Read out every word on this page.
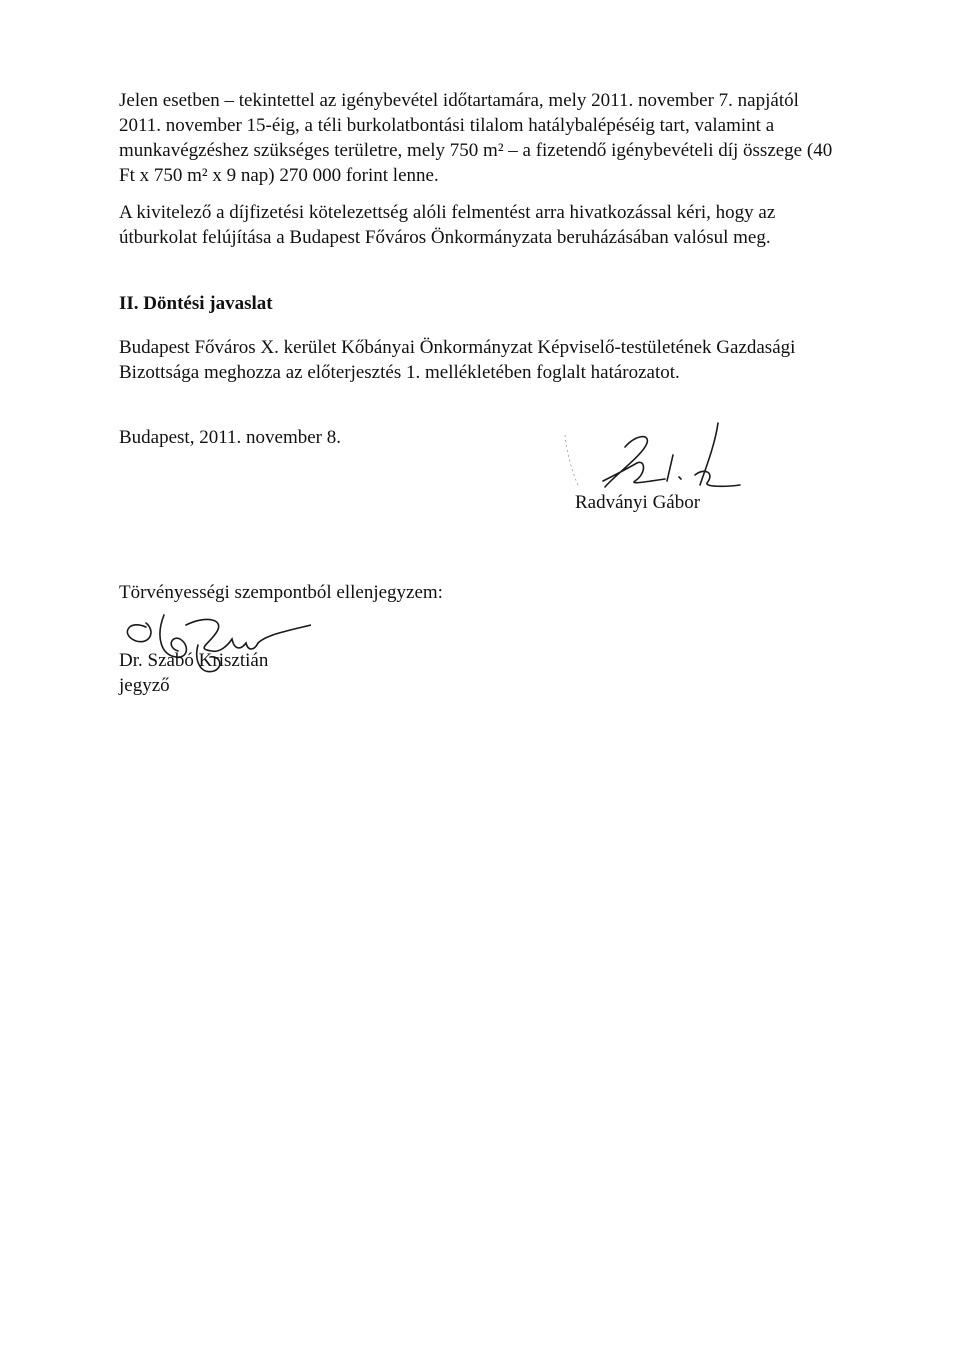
Jelen esetben – tekintettel az igénybevétel időtartamára, mely 2011. november 7. napjától
2011. november 15-éig, a téli burkolatbontási tilalom hatálybalépéséig tart, valamint a
munkavégzéshez szükséges területre, mely 750 m² – a fizetendő igénybevételi díj összege (40
Ft x 750 m² x 9 nap) 270 000 forint lenne.
A kivitelező a díjfizetési kötelezettség alóli felmentést arra hivatkozással kéri, hogy az
útburkolat felújítása a Budapest Főváros Önkormányzata beruházásában valósul meg.
II. Döntési javaslat
Budapest Főváros X. kerület Kőbányai Önkormányzat Képviselő-testületének Gazdasági
Bizottsága meghozza az előterjesztés 1. mellékletében foglalt határozatot.
Budapest, 2011. november 8.
Radványi Gábor
Törvényességi szempontból ellenjegyzem:
Dr. Szabó Krisztián
jegyző
